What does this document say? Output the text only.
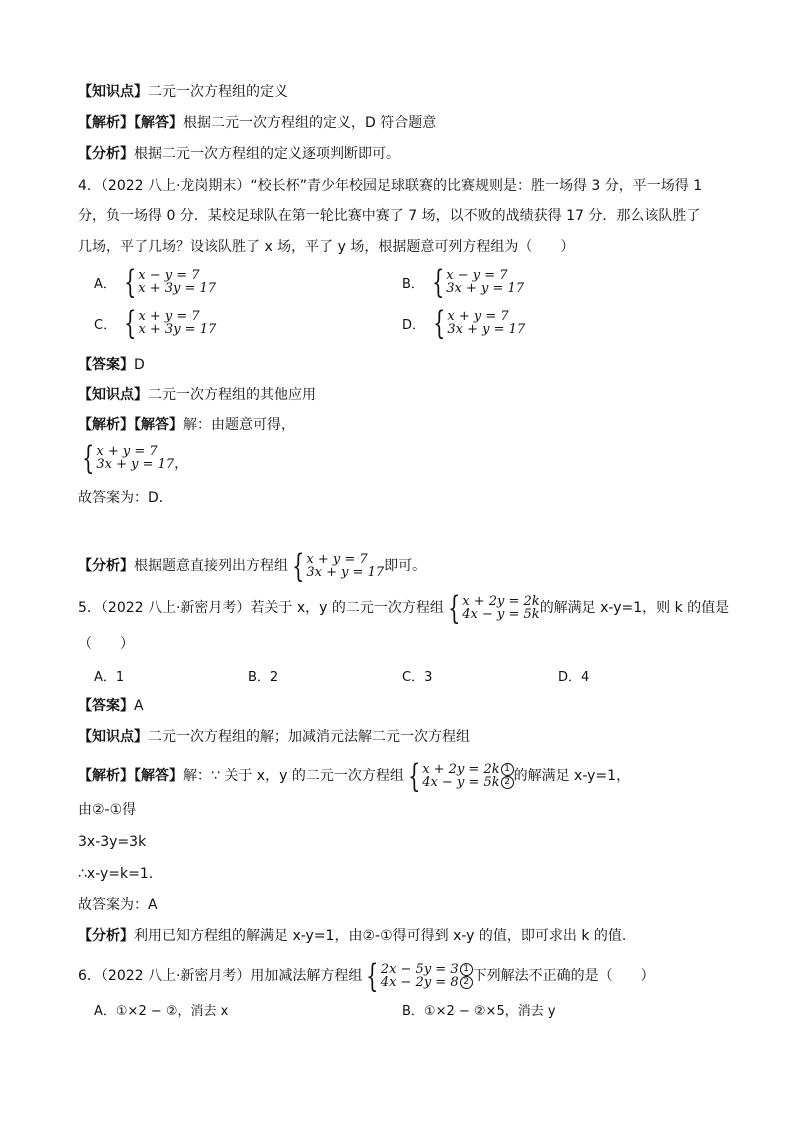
【知识点】二元一次方程组的定义
【解析】【解答】根据二元一次方程组的定义，D 符合题意
【分析】根据二元一次方程组的定义逐项判断即可。
4．（2022 八上·龙岗期末）“校长杯”青少年校园足球联赛的比赛规则是：胜一场得 3 分，平一场得 1
分，负一场得 0 分．某校足球队在第一轮比赛中赛了 7 场，以不败的战绩获得 17 分．那么该队胜了
几场，平了几场？设该队胜了 x 场，平了 y 场，根据题意可列方程组为（　　）
A． { x − y = 7
x + 3y = 17	B． { x − y = 7
3x + y = 17
C． { x + y = 7
x + 3y = 17	D． { x + y = 7
3x + y = 17
【答案】D
【知识点】二元一次方程组的其他应用
【解析】【解答】解：由题意可得，
{ x + y = 7
3x + y = 17 ，
故答案为：D．
【分析】 根据题意直接列出方程组 { x + y = 7
3x + y = 17 即可。
5．（2022 八上·新密月考）若关于 x，y 的二元一次方程组 { x + 2y = 2k
4x − y = 5k 的解满足 x-y=1，则 k 的值是
（　　）
A．1	B．2	C．3	D．4
【答案】A
【知识点】二元一次方程组的解；加减消元法解二元一次方程组
【解析】【解答】 解：∵ 关于 x，y 的二元一次方程组 { x + 2y = 2k 1
4x − y = 5k 2 的解满足 x-y=1，
由②-①得
3x-3y=3k
∴x-y=k=1.
故答案为：A
【分析】利用已知方程组的解满足 x-y=1，由②-①得可得到 x-y 的值，即可求出 k 的值.
6．（2022 八上·新密月考）用加减法解方程组 { 2x − 5y = 3 1
4x − 2y = 8 2 下列解法不正确的是（　　）
A．①×2 − ②，消去 x	B．①×2 − ②×5，消去 y
